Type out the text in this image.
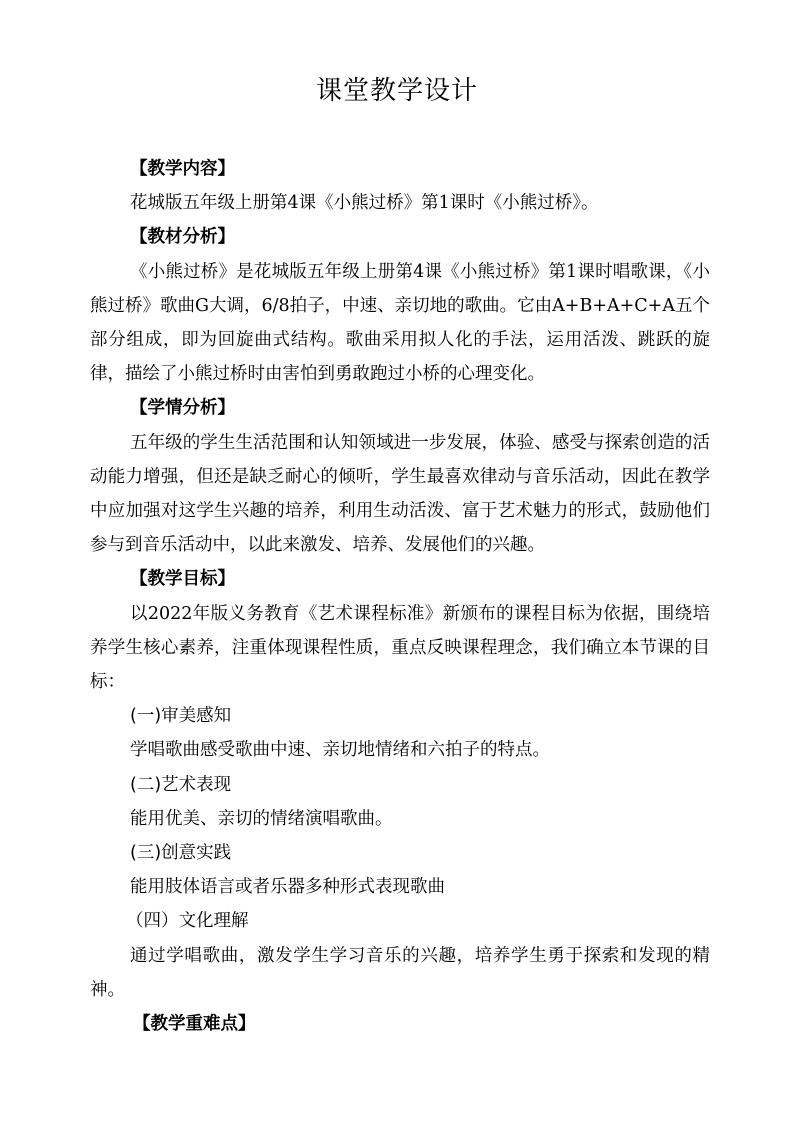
课堂教学设计

【教学内容】

花城版五年级上册第4课《小熊过桥》第1课时《小熊过桥》。

【教材分析】

《小熊过桥》是花城版五年级上册第4课《小熊过桥》第1课时唱歌课，《小熊过桥》歌曲G大调，6/8拍子，中速、亲切地的歌曲。它由A+B+A+C+A五个部分组成，即为回旋曲式结构。歌曲采用拟人化的手法，运用活泼、跳跃的旋律，描绘了小熊过桥时由害怕到勇敢跑过小桥的心理变化。

【学情分析】

五年级的学生生活范围和认知领域进一步发展，体验、感受与探索创造的活动能力增强，但还是缺乏耐心的倾听，学生最喜欢律动与音乐活动，因此在教学中应加强对这学生兴趣的培养，利用生动活泼、富于艺术魅力的形式，鼓励他们参与到音乐活动中，以此来激发、培养、发展他们的兴趣。

【教学目标】

以2022年版义务教育《艺术课程标准》新颁布的课程目标为依据，围绕培养学生核心素养，注重体现课程性质，重点反映课程理念，我们确立本节课的目标：

(一)审美感知

学唱歌曲感受歌曲中速、亲切地情绪和六拍子的特点。

(二)艺术表现

能用优美、亲切的情绪演唱歌曲。

(三)创意实践

能用肢体语言或者乐器多种形式表现歌曲

（四）文化理解

通过学唱歌曲，激发学生学习音乐的兴趣，培养学生勇于探索和发现的精神。

【教学重难点】
